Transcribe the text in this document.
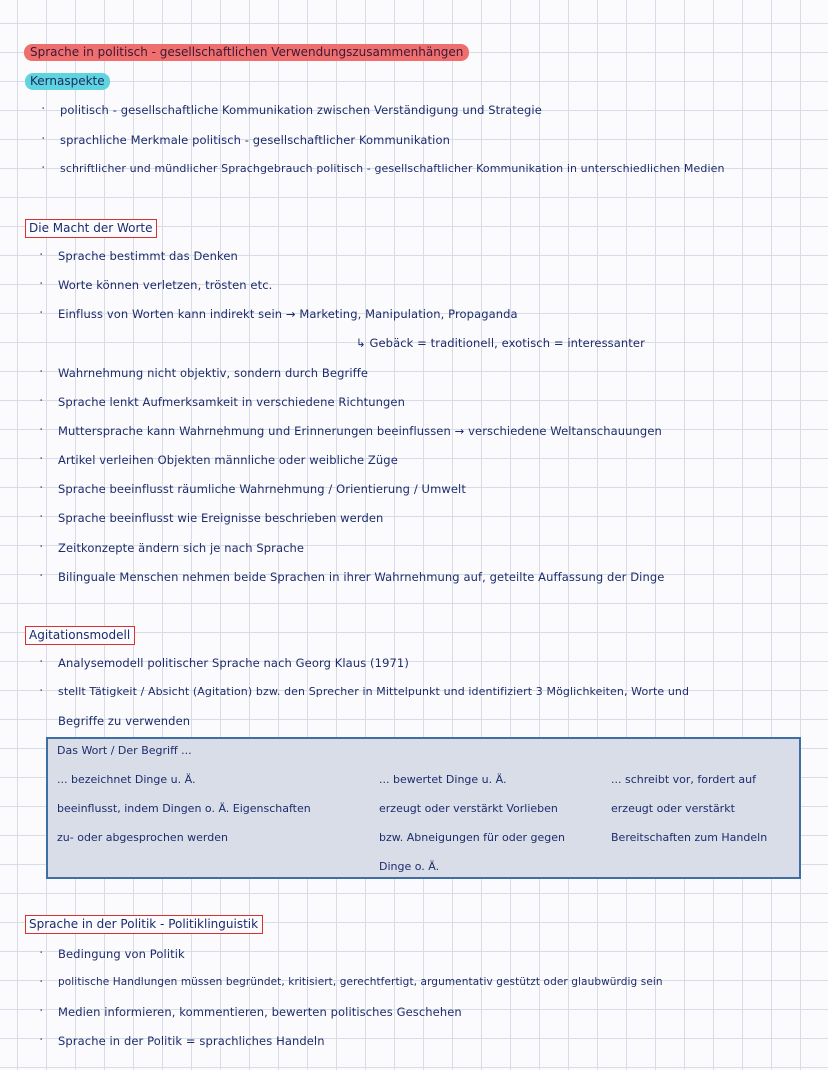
Sprache in politisch - gesellschaftlichen Verwendungszusammenhängen
Kernaspekte
· politisch - gesellschaftliche Kommunikation zwischen Verständigung und Strategie
· sprachliche Merkmale politisch - gesellschaftlicher Kommunikation
· schriftlicher und mündlicher Sprachgebrauch politisch - gesellschaftlicher Kommunikation in unterschiedlichen Medien
Die Macht der Worte
· Sprache bestimmt das Denken
· Worte können verletzen, trösten etc.
· Einfluss von Worten kann indirekt sein → Marketing, Manipulation, Propaganda
↳ Gebäck = traditionell, exotisch = interessanter
· Wahrnehmung nicht objektiv, sondern durch Begriffe
· Sprache lenkt Aufmerksamkeit in verschiedene Richtungen
· Muttersprache kann Wahrnehmung und Erinnerungen beeinflussen → verschiedene Weltanschauungen
· Artikel verleihen Objekten männliche oder weibliche Züge
· Sprache beeinflusst räumliche Wahrnehmung / Orientierung / Umwelt
· Sprache beeinflusst wie Ereignisse beschrieben werden
· Zeitkonzepte ändern sich je nach Sprache
· Bilinguale Menschen nehmen beide Sprachen in ihrer Wahrnehmung auf, geteilte Auffassung der Dinge
Agitationsmodell
· Analysemodell politischer Sprache nach Georg Klaus (1971)
· stellt Tätigkeit / Absicht (Agitation) bzw. den Sprecher in Mittelpunkt und identifiziert 3 Möglichkeiten, Worte und
Begriffe zu verwenden
Das Wort / Der Begriff ...
... bezeichnet Dinge u. Ä.
beeinflusst, indem Dingen o. Ä. Eigenschaften
zu- oder abgesprochen werden
... bewertet Dinge u. Ä.
erzeugt oder verstärkt Vorlieben
bzw. Abneigungen für oder gegen
Dinge o. Ä.
... schreibt vor, fordert auf
erzeugt oder verstärkt
Bereitschaften zum Handeln
Sprache in der Politik - Politiklinguistik
· Bedingung von Politik
· politische Handlungen müssen begründet, kritisiert, gerechtfertigt, argumentativ gestützt oder glaubwürdig sein
· Medien informieren, kommentieren, bewerten politisches Geschehen
· Sprache in der Politik = sprachliches Handeln
